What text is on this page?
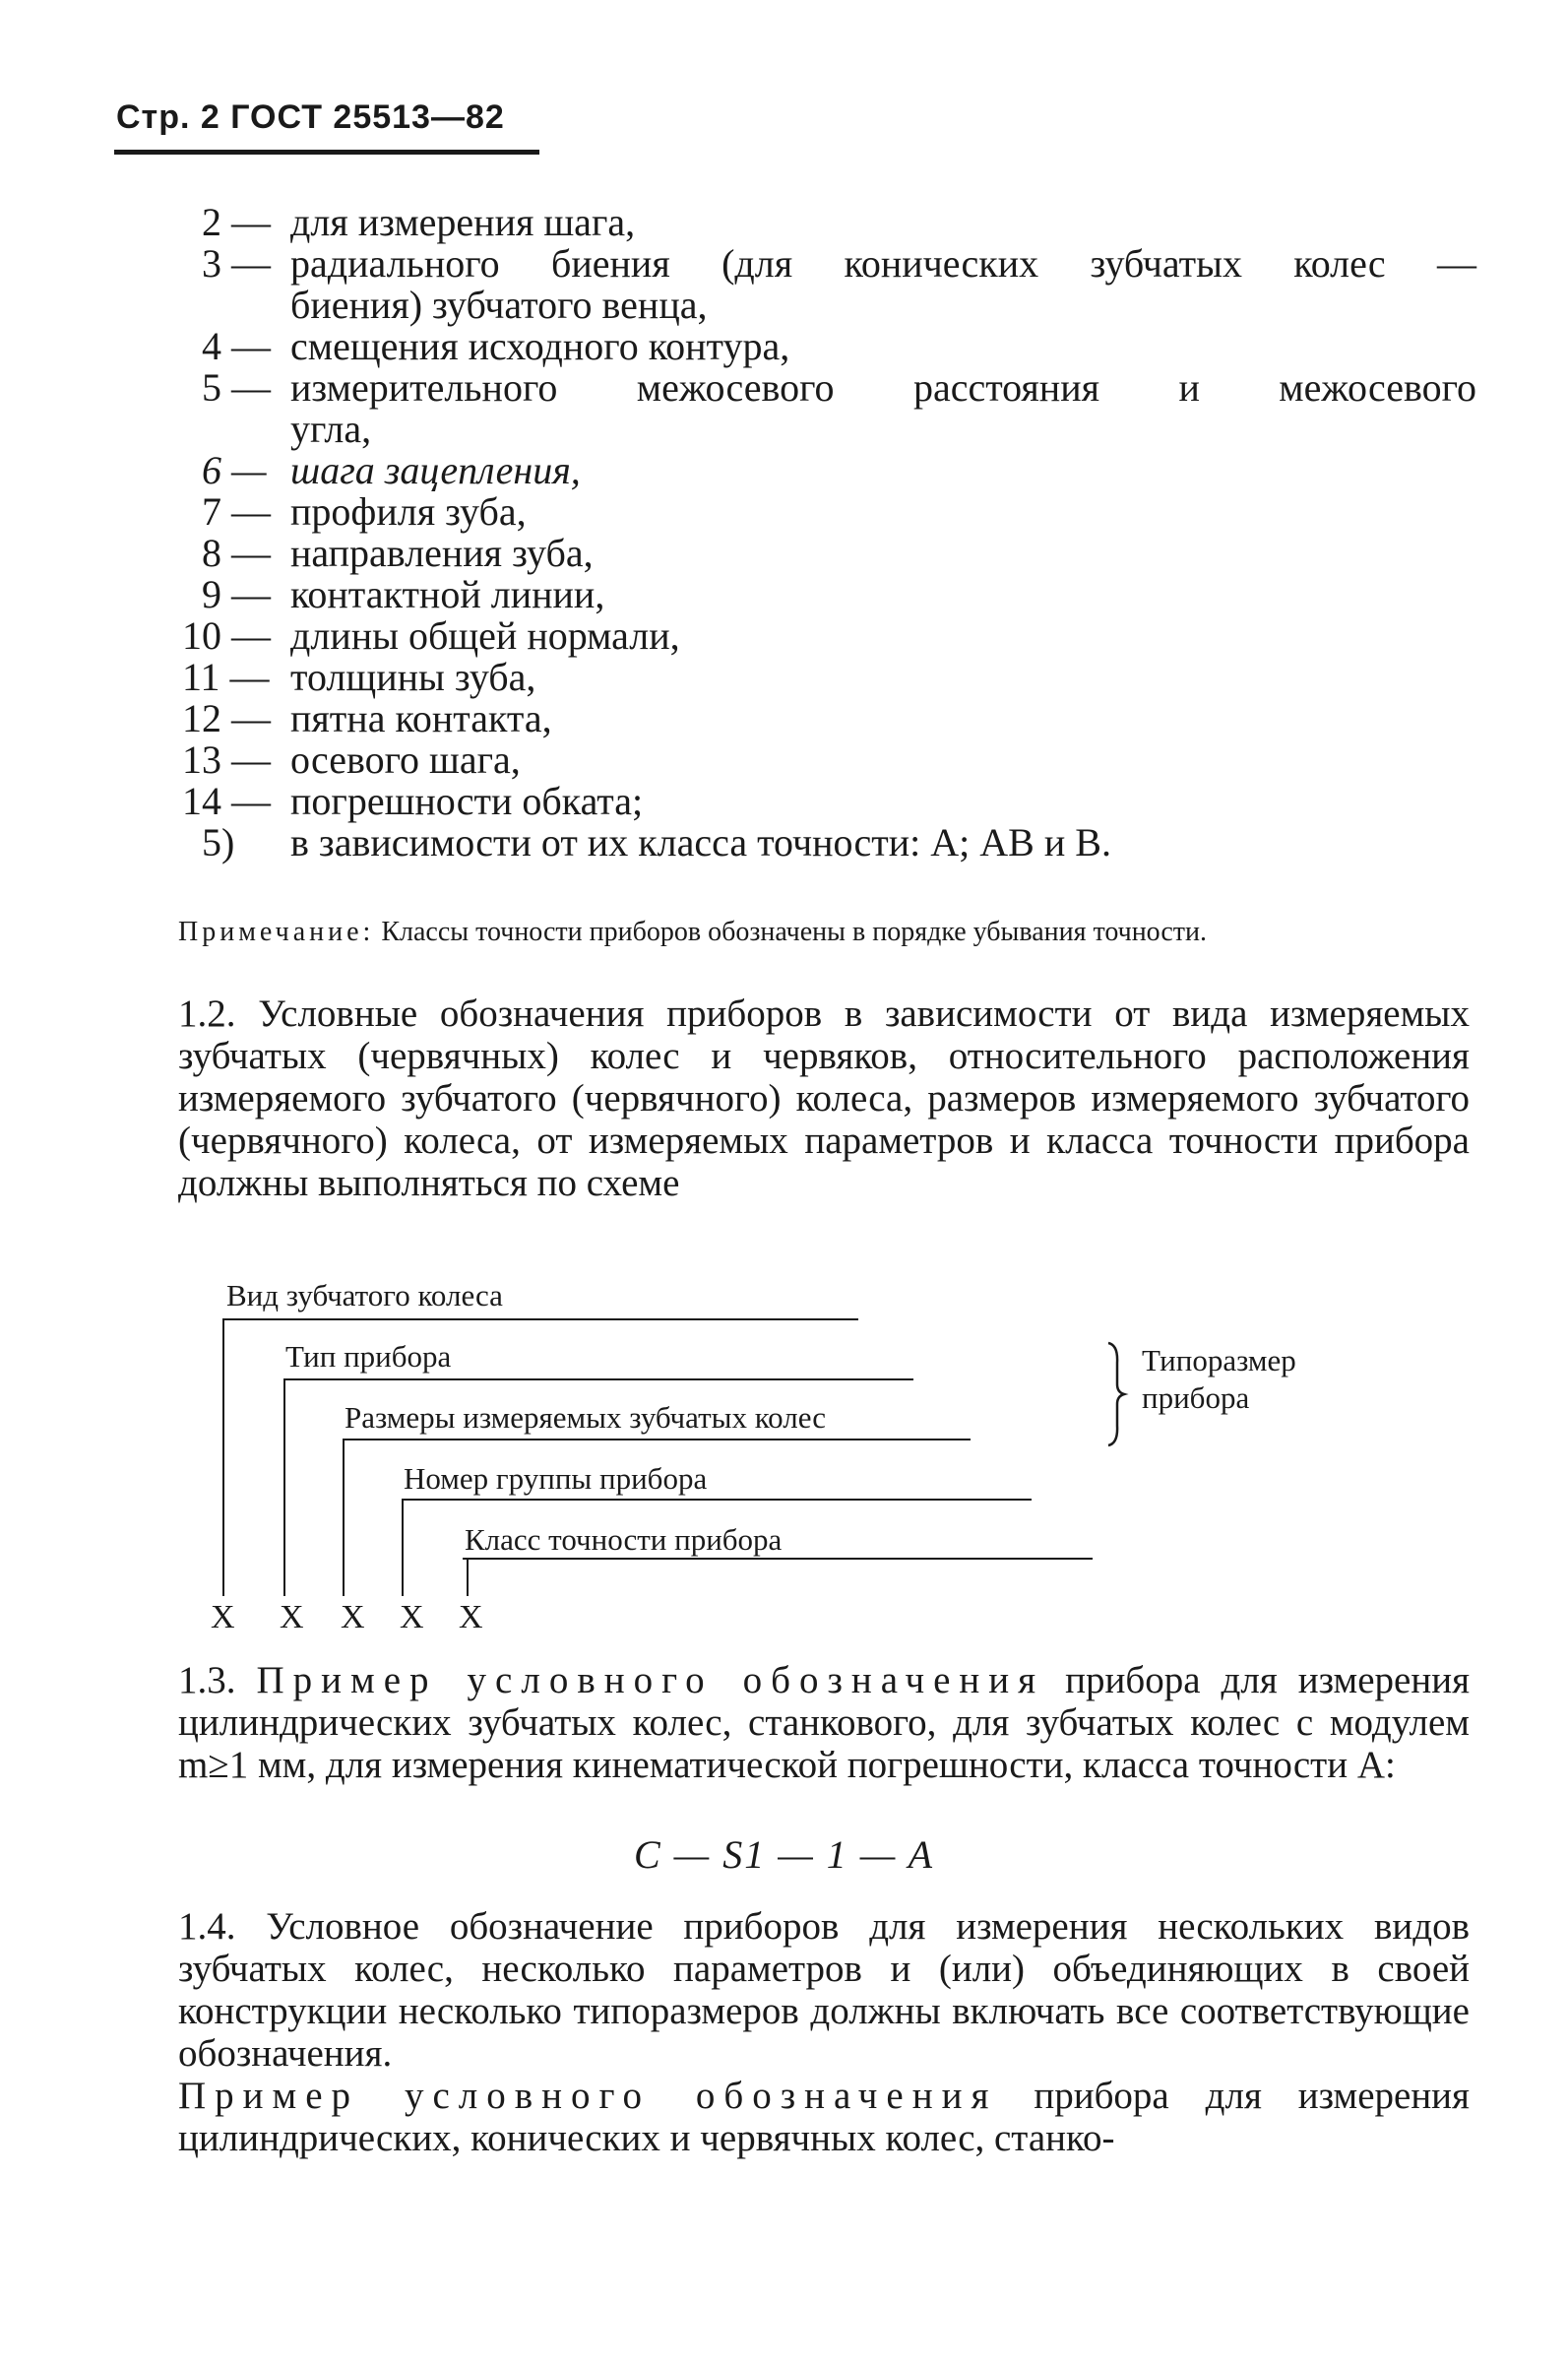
Стр. 2 ГОСТ 25513—82
2 — для измерения шага,
3 — радиального биения (для конических зубчатых колес —
биения) зубчатого венца,
4 — смещения исходного контура,
5 — измерительного межосевого расстояния и межосевого
угла,
6 — шага зацепления,
7 — профиля зуба,
8 — направления зуба,
9 — контактной линии,
10 — длины общей нормали,
11 — толщины зуба,
12 — пятна контакта,
13 — осевого шага,
14 — погрешности обката;
5)	в зависимости от их класса точности: А; АВ и В.
Примечание: Классы точности приборов обозначены в порядке убывания точности.
1.2. Условные обозначения приборов в зависимости от вида измеряемых зубчатых (червячных) колес и червяков, относительного расположения измеряемого зубчатого (червячного) колеса, размеров измеряемого зубчатого (червячного) колеса, от измеряемых параметров и класса точности прибора должны выполняться по схеме
Вид зубчатого колеса
Тип прибора
Размеры измеряемых зубчатых колес
Номер группы прибора
Класс точности прибора
X X X X X
Типоразмер
прибора
1.3. Пример условного обозначения прибора для измерения цилиндрических зубчатых колес, станкового, для зубчатых колес с модулем m≥1 мм, для измерения кинематической погрешности, класса точности А:
C — S1 — 1 — A
1.4. Условное обозначение приборов для измерения нескольких видов зубчатых колес, несколько параметров и (или) объединяющих в своей конструкции несколько типоразмеров должны включать все соответствующие обозначения.
Пример условного обозначения прибора для измерения цилиндрических, конических и червячных колес, станко-
